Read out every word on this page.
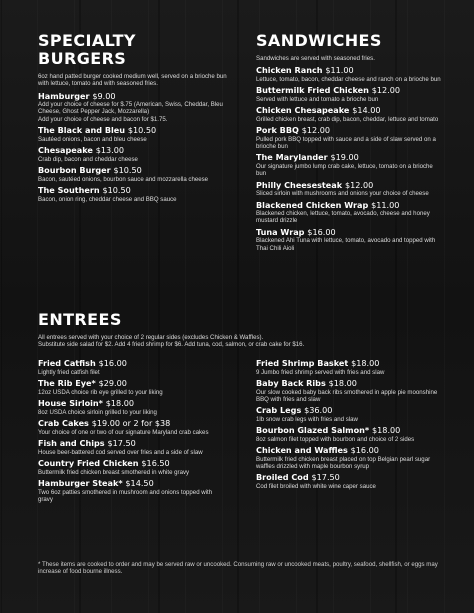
SPECIALTY BURGERS
6oz hand patted burger cooked medium well, served on a brioche bun with lettuce, tomato and with seasoned fries.
Hamburger $9.00
Add your choice of cheese for $.75 (American, Swiss, Cheddar, Bleu Cheese, Ghost Pepper Jack, Mozzarella)
Add your choice of cheese and bacon for $1.75.
The Black and Bleu $10.50
Sautéed onions, bacon and bleu cheese
Chesapeake $13.00
Crab dip, bacon and cheddar cheese
Bourbon Burger $10.50
Bacon, sautéed onions, bourbon sauce and mozzarella cheese
The Southern $10.50
Bacon, onion ring, cheddar cheese and BBQ sauce
SANDWICHES
Sandwiches are served with seasoned fries.
Chicken Ranch $11.00
Lettuce, tomato, bacon, cheddar cheese and ranch on a brioche bun
Buttermilk Fried Chicken $12.00
Served with lettuce and tomato a brioche bun
Chicken Chesapeake $14.00
Grilled chicken breast, crab dip, bacon, cheddar, lettuce and tomato
Pork BBQ $12.00
Pulled pork BBQ topped with sauce and a side of slaw served on a brioche bun
The Marylander $19.00
Our signature jumbo lump crab cake, lettuce, tomato on a brioche bun
Philly Cheesesteak $12.00
Sliced sirloin with mushrooms and onions your choice of cheese
Blackened Chicken Wrap $11.00
Blackened chicken, lettuce, tomato, avocado, cheese and honey mustard drizzle
Tuna Wrap $16.00
Blackened Ahi Tuna with lettuce, tomato, avocado and topped with Thai Chili Aioli
ENTREES
All entrees served with your choice of 2 regular sides (excludes Chicken & Waffles).
Substitute side salad for $2. Add 4 fried shrimp for $6. Add tuna, cod, salmon, or crab cake for $16.
Fried Catfish $16.00
Lightly fried catfish filet
The Rib Eye* $29.00
12oz USDA choice rib eye grilled to your liking
House Sirloin* $18.00
8oz USDA choice sirloin grilled to your liking
Crab Cakes $19.00 or 2 for $38
Your choice of one or two of our signature Maryland crab cakes
Fish and Chips $17.50
House beer-battered cod served over fries and a side of slaw
Country Fried Chicken $16.50
Buttermilk fried chicken breast smothered in white gravy
Hamburger Steak* $14.50
Two 6oz patties smothered in mushroom and onions topped with gravy
Fried Shrimp Basket $18.00
9 Jumbo fried shrimp served with fries and slaw
Baby Back Ribs $18.00
Our slow cooked baby back ribs smothered in apple pie moonshine BBQ with fries and slaw
Crab Legs $36.00
1lb snow crab legs with fries and slaw
Bourbon Glazed Salmon* $18.00
8oz salmon filet topped with bourbon and choice of 2 sides
Chicken and Waffles $16.00
Buttermilk fried chicken breast placed on top Belgian pearl sugar waffles drizzled with maple bourbon syrup
Broiled Cod $17.50
Cod filet broiled with white wine caper sauce
* These items are cooked to order and may be served raw or uncooked. Consuming raw or uncooked meats, poultry, seafood, shellfish, or eggs may increase of food bourne illness.
